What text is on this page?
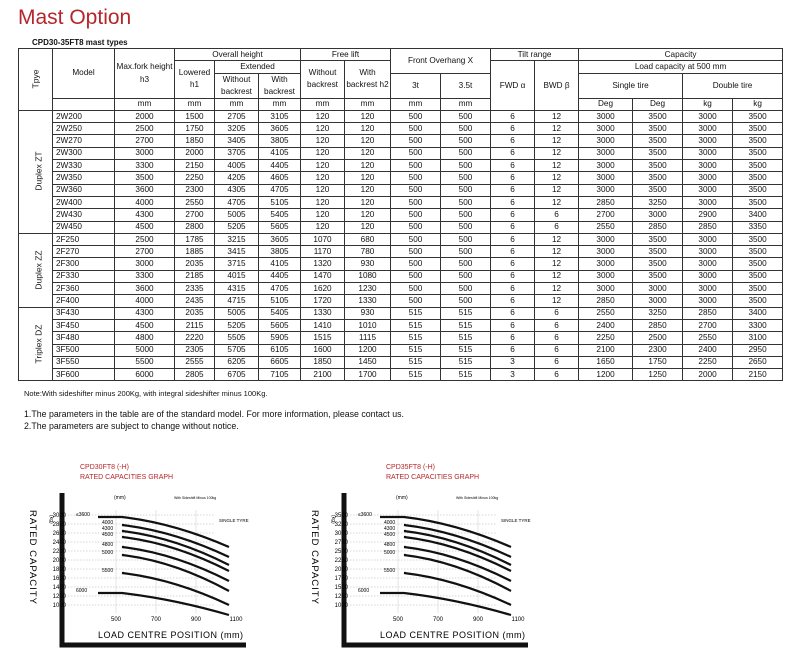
Mast Option
CPD30-35FT8 mast types
Tpye	Model	Max.fork height h3	Overall height			Free lift		Front Overhang X		Tilt range		Capacity				
			Lowered h1	Extended		Without backrest	With backrest h2			FWD α	BWD β	Load capacity at 500 mm				
				Without backrest	With backrest			3t	3.5t			Single tire		Double tire		
		mm	mm	mm	mm	mm	mm	mm	mm			Deg	Deg	kg	kg		
Duplex ZT	2W200	2000	1500	2705	3105	120	120	500	500	6	12	3000	3500	3000	3500	
	2W250	2500	1750	3205	3605	120	120	500	500	6	12	3000	3500	3000	3500	
	2W270	2700	1850	3405	3805	120	120	500	500	6	12	3000	3500	3000	3500	
	2W300	3000	2000	3705	4105	120	120	500	500	6	12	3000	3500	3000	3500	
	2W330	3300	2150	4005	4405	120	120	500	500	6	12	3000	3500	3000	3500	
	2W350	3500	2250	4205	4605	120	120	500	500	6	12	3000	3500	3000	3500	
	2W360	3600	2300	4305	4705	120	120	500	500	6	12	3000	3500	3000	3500	
	2W400	4000	2550	4705	5105	120	120	500	500	6	12	2850	3250	3000	3500	
	2W430	4300	2700	5005	5405	120	120	500	500	6	6	2700	3000	2900	3400	
	2W450	4500	2800	5205	5605	120	120	500	500	6	6	2550	2850	2850	3350	
Duplex ZZ	2F250	2500	1785	3215	3605	1070	680	500	500	6	12	3000	3500	3000	3500	
	2F270	2700	1885	3415	3805	1170	780	500	500	6	12	3000	3500	3000	3500	
	2F300	3000	2035	3715	4105	1320	930	500	500	6	12	3000	3500	3000	3500	
	2F330	3300	2185	4015	4405	1470	1080	500	500	6	12	3000	3500	3000	3500	
	2F360	3600	2335	4315	4705	1620	1230	500	500	6	12	3000	3000	3000	3500	
	2F400	4000	2435	4715	5105	1720	1330	500	500	6	12	2850	3000	3000	3500	
Triplex DZ	3F430	4300	2035	5005	5405	1330	930	515	515	6	6	2550	3250	2850	3400	
	3F450	4500	2115	5205	5605	1410	1010	515	515	6	6	2400	2850	2700	3300	
	3F480	4800	2220	5505	5905	1515	1115	515	515	6	6	2250	2500	2550	3100	
	3F500	5000	2305	5705	6105	1600	1200	515	515	6	6	2100	2300	2400	2950	
	3F550	5500	2555	6205	6605	1850	1450	515	515	3	6	1650	1750	2250	2650	
	3F600	6000	2805	6705	7105	2100	1700	515	515	3	6	1200	1250	2000	2150	
Note:With sideshifter minus 200Kg, with integral sideshifter minus 100Kg.
1.The parameters in the table are of the standard model. For more information, please contact us.
2.The parameters are subject to change without notice.
CPD30FT8 (-H)
RATED CAPACITIES GRAPH
(mm)	With Sideshift Minus 100kg
SINGLE TYRE
≤3600
4000
4300
4500
4800
5000
5500
6000
3000
2800
2600
2400
2200
2000
1800
1600
1400
1200
1000
500	700	900	1100
RATED CAPACITY (kg)
LOAD CENTRE POSITION (mm)
CPD35FT8 (-H)
RATED CAPACITIES GRAPH
(mm)	With Sideshift Minus 100kg
SINGLE TYRE
≤3600
4000
4300
4500
4800
5000
5500
6000
3500
3250
3000
2750
2500
2250
2000
1750
1500
1250
1000
500	700	900	1100
RATED CAPACITY (kg)
LOAD CENTRE POSITION (mm)
